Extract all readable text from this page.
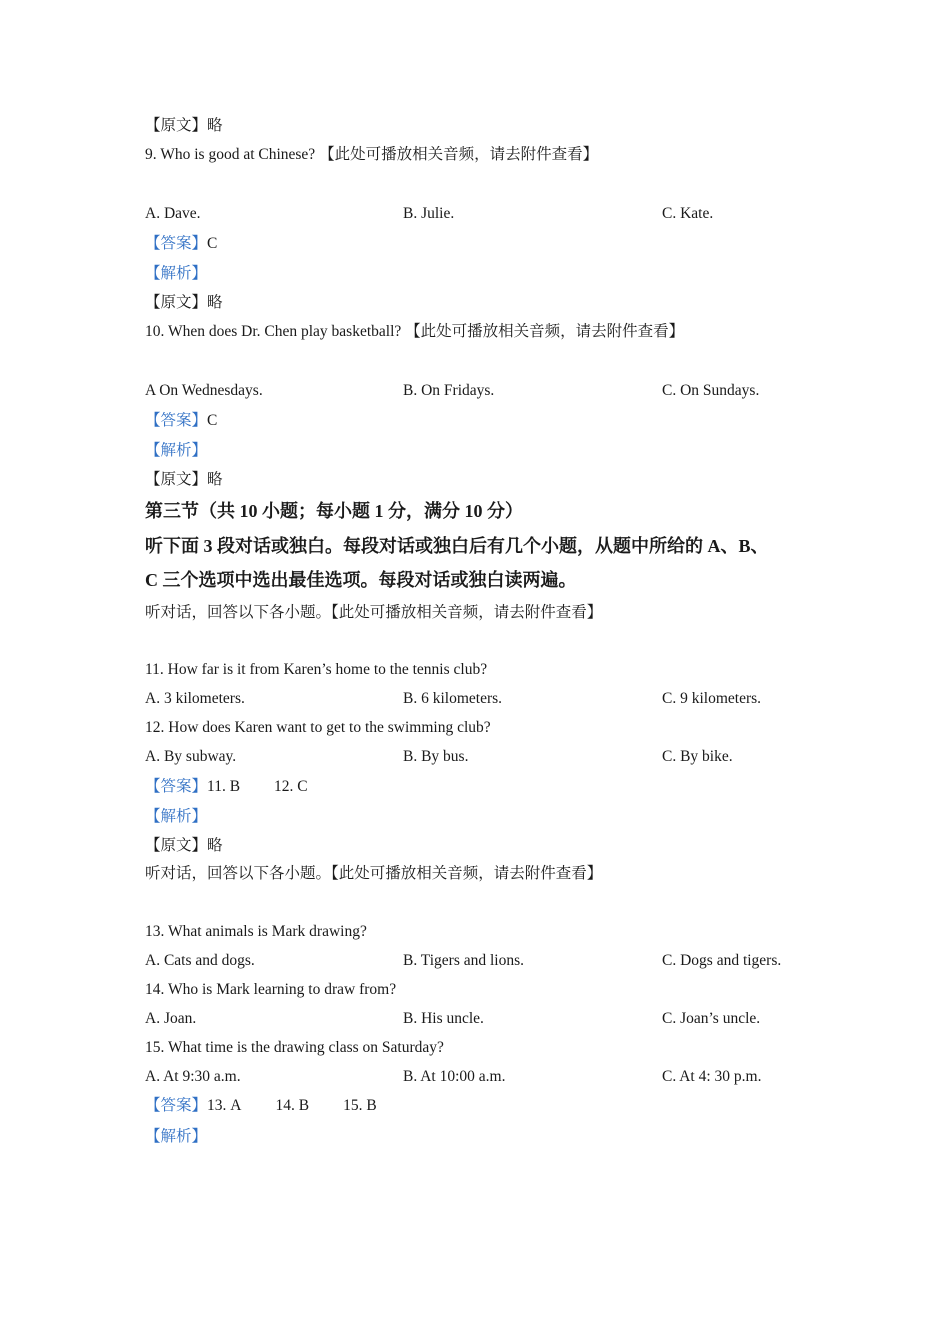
【原文】略
9. Who is good at Chinese? 【此处可播放相关音频，请去附件查看】
A. Dave.	B. Julie.	C. Kate.
【答案】C
【解析】
【原文】略
10. When does Dr. Chen play basketball? 【此处可播放相关音频，请去附件查看】
A On Wednesdays.	B. On Fridays.	C. On Sundays.
【答案】C
【解析】
【原文】略
第三节（共 10 小题；每小题 1 分，满分 10 分）
听下面 3 段对话或独白。每段对话或独白后有几个小题，从题中所给的 A、B、
C 三个选项中选出最佳选项。每段对话或独白读两遍。
听对话，回答以下各小题。【此处可播放相关音频，请去附件查看】
11. How far is it from Karen’s home to the tennis club?
A. 3 kilometers.	B. 6 kilometers.	C. 9 kilometers.
12. How does Karen want to get to the swimming club?
A. By subway.	B. By bus.	C. By bike.
【答案】11. B 12. C
【解析】
【原文】略
听对话，回答以下各小题。【此处可播放相关音频，请去附件查看】
13. What animals is Mark drawing?
A. Cats and dogs.	B. Tigers and lions.	C. Dogs and tigers.
14. Who is Mark learning to draw from?
A. Joan.	B. His uncle.	C. Joan’s uncle.
15. What time is the drawing class on Saturday?
A. At 9:30 a.m.	B. At 10:00 a.m.	C. At 4: 30 p.m.
【答案】13. A 14. B 15. B
【解析】
